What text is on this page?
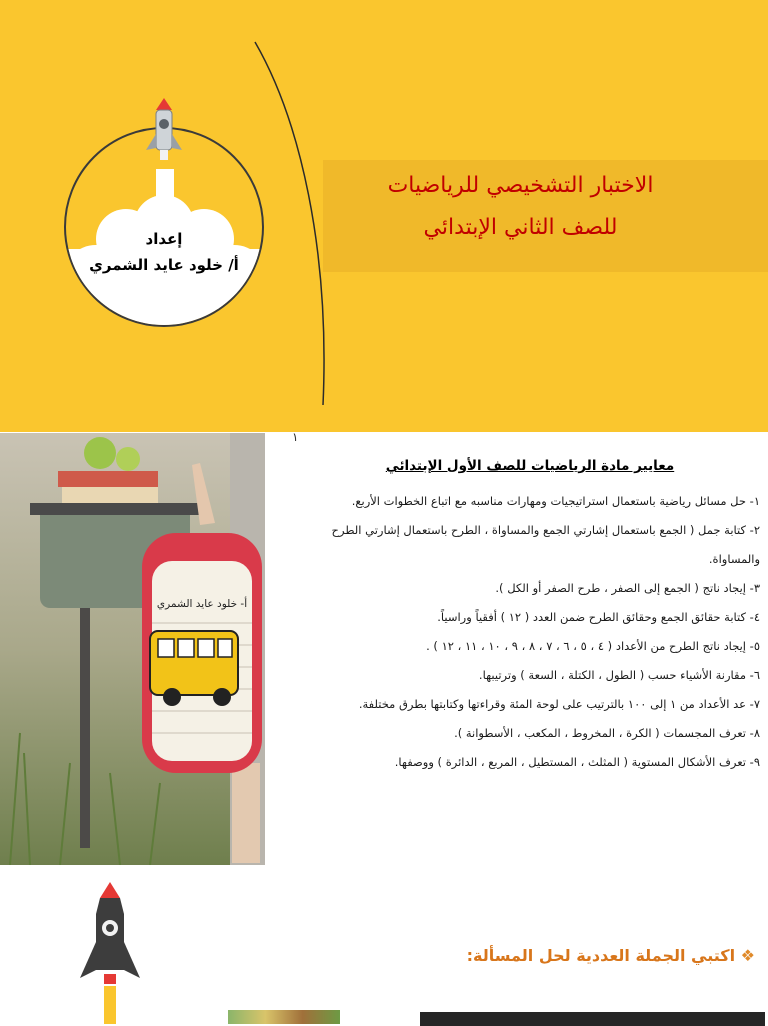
إعداد
أ/ خلود عايد الشمري
الاختبار التشخيصي للرياضيات
للصف الثاني الإبتدائي
أ- خلود عايد الشمري
١
معايير مادة الرياضيات للصف الأول الإبتدائي

١- حل مسائل رياضية باستعمال استراتيجيات ومهارات مناسبه مع اتباع الخطوات الأربع.

٢- كتابة جمل ( الجمع باستعمال إشارتي الجمع والمساواة ، الطرح باستعمال إشارتي الطرح والمساواة.

٣- إيجاد ناتج ( الجمع إلى الصفر ، طرح الصفر أو الكل ).

٤- كتابة حقائق الجمع وحقائق الطرح ضمن العدد ( ١٢ ) أفقياً وراسياً.

٥- إيجاد ناتج الطرح من الأعداد ( ٤ ، ٥ ، ٦ ، ٧ ، ٨ ، ٩ ، ١٠ ، ١١ ، ١٢ ) .

٦- مقارنة الأشياء حسب ( الطول ، الكتلة ، السعة ) وترتيبها.

٧- عد الأعداد من ١ إلى ١٠٠ بالترتيب على لوحة المئة وقراءتها وكتابتها بطرق مختلفة.

٨- تعرف المجسمات ( الكرة ، المخروط ، المكعب ، الأسطوانة ).

٩- تعرف الأشكال المستوية ( المثلث ، المستطيل ، المربع ، الدائرة ) ووصفها.

❖ اكتبي الجملة العددية لحل المسألة:
